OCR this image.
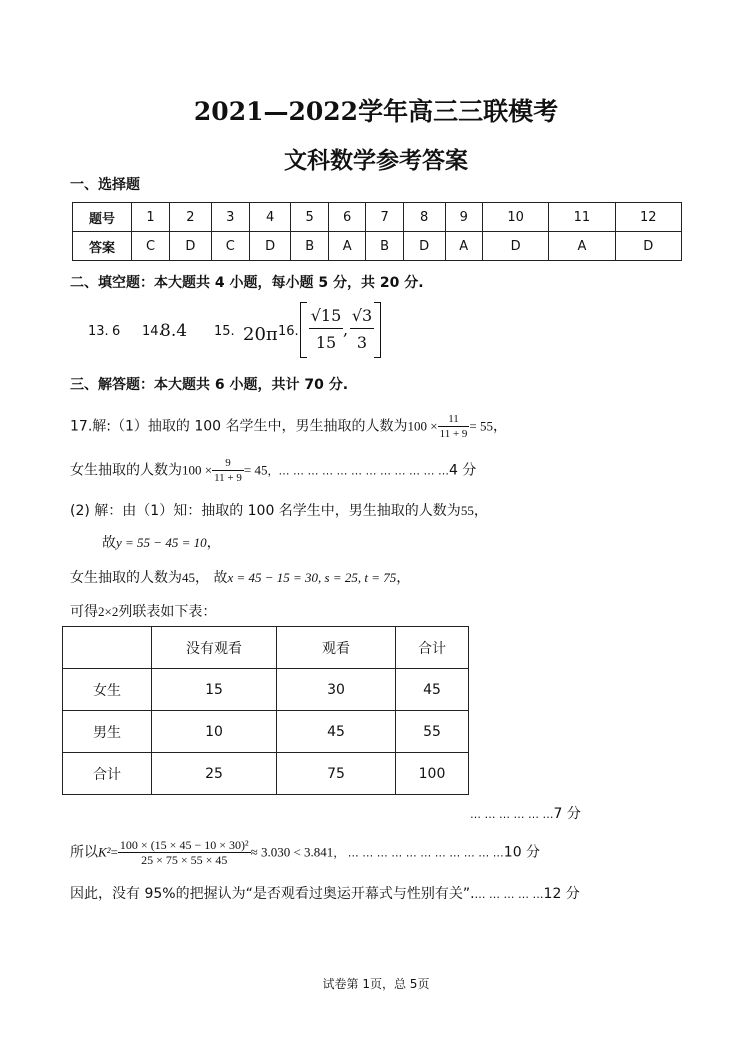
2021—2022学年高三三联模考
文科数学参考答案
一、选择题
题号	1	2	3	4	5	6	7	8	9	10	11	12
答案	C	D	C	D	B	A	B	D	A	D	A	D
二、填空题：本大题共 4 小题，每小题 5 分，共 20 分.
13. 6 14.
8.4 15. 20π 16.
√15
15
,
√3
3
三、解答题：本大题共 6 小题，共计 70 分.
17.解:（1）抽取的 100 名学生中，男生抽取的人数为$100 \times \frac{11}{11 + 9} = 55$，
女生抽取的人数为$100 \times \frac{9}{11 + 9} = 45$，… … … … … … … … … … … …4 分
(2) 解：由（1）知：抽取的 100 名学生中，男生抽取的人数为55，
故y = 55 − 45 = 10，
女生抽取的人数为45， 故x = 45 − 15 = 30, s = 25, t = 75，
可得2×2列联表如下表：
	没有观看	观看	合计
女生	15	30	45
男生	10	45	55
合计	25	75	100
… … … … … …7 分
所以$K^2= \frac{\text{100 × (15 × 45 − 10 × 30)²}}{25 \times 75 \times 55 \times 45} \approx 3.030 < 3.841$， … … … … … … … … … … …10 分
因此，没有 95%的把握认为“是否观看过奥运开幕式与性别有关”.… … … … …12 分
试卷第 1页，总 5页
